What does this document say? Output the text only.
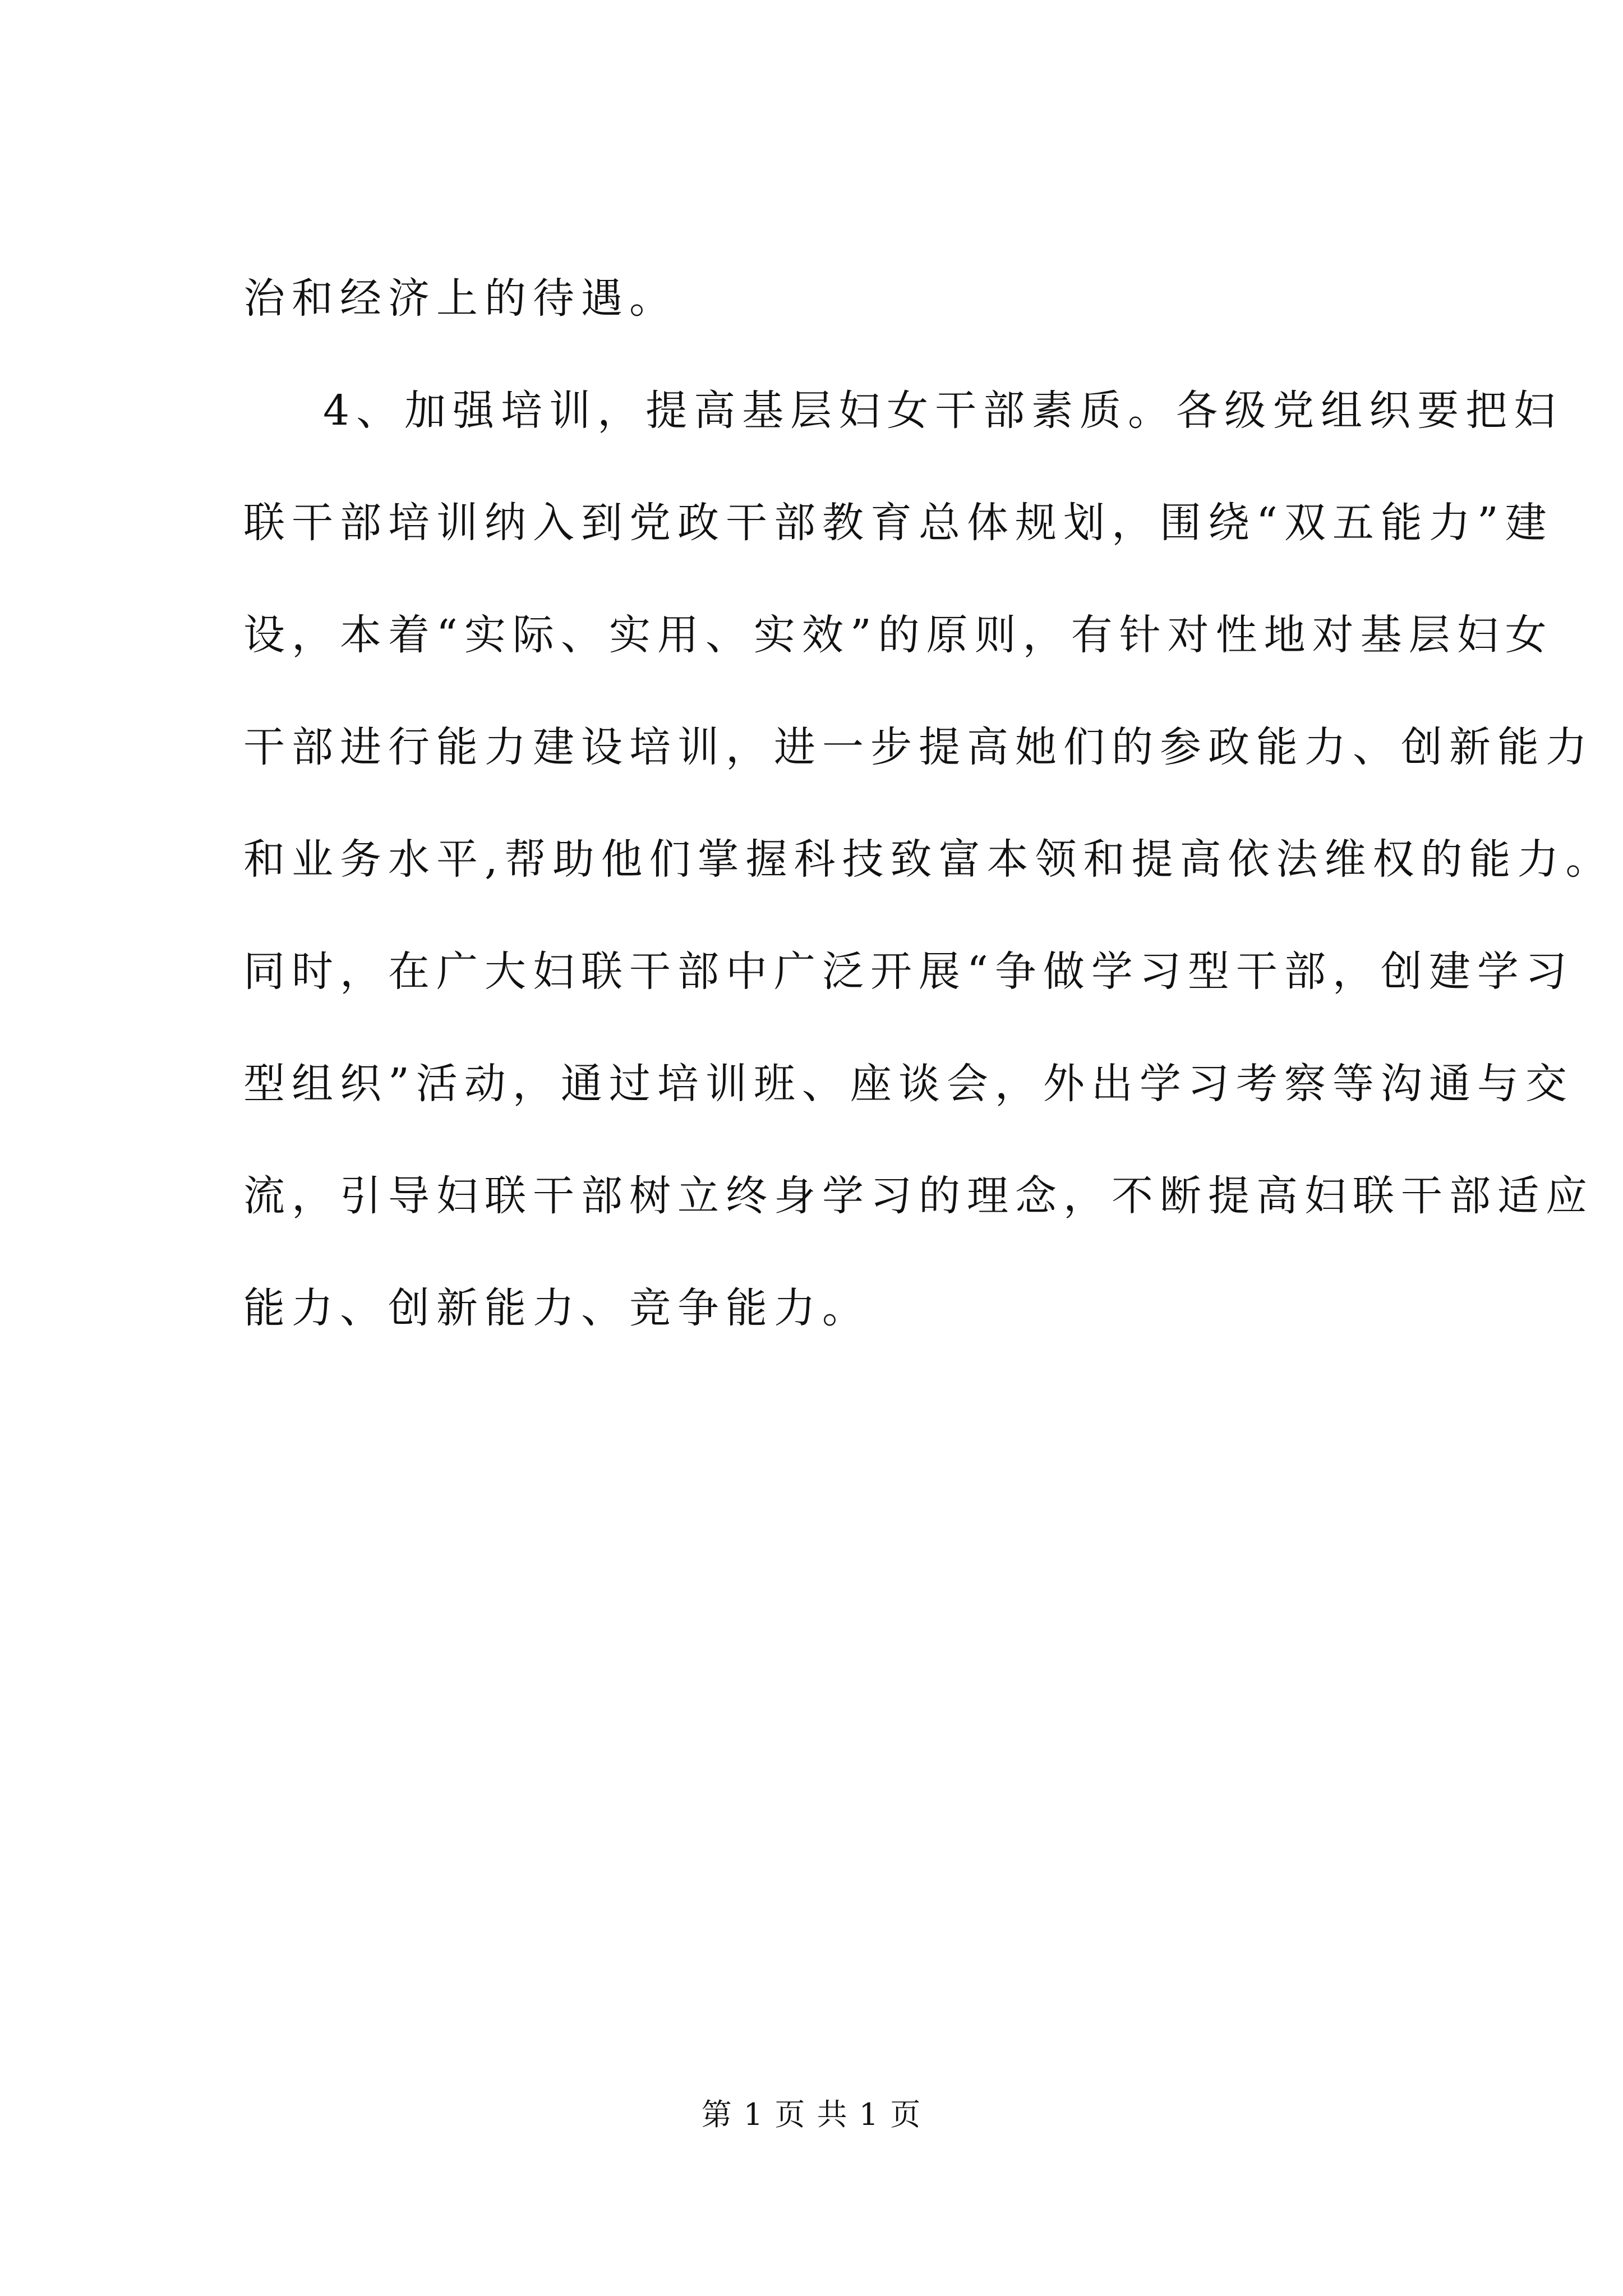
治和经济上的待遇。
4、加强培训，提高基层妇女干部素质。各级党组织要把妇
联干部培训纳入到党政干部教育总体规划，围绕“双五能力”建
设，本着“实际、实用、实效”的原则，有针对性地对基层妇女
干部进行能力建设培训，进一步提高她们的参政能力、创新能力
和业务水平,帮助他们掌握科技致富本领和提高依法维权的能力。
同时，在广大妇联干部中广泛开展“争做学习型干部，创建学习
型组织”活动，通过培训班、座谈会，外出学习考察等沟通与交
流，引导妇联干部树立终身学习的理念，不断提高妇联干部适应
能力、创新能力、竞争能力。
第 1 页 共 1 页
